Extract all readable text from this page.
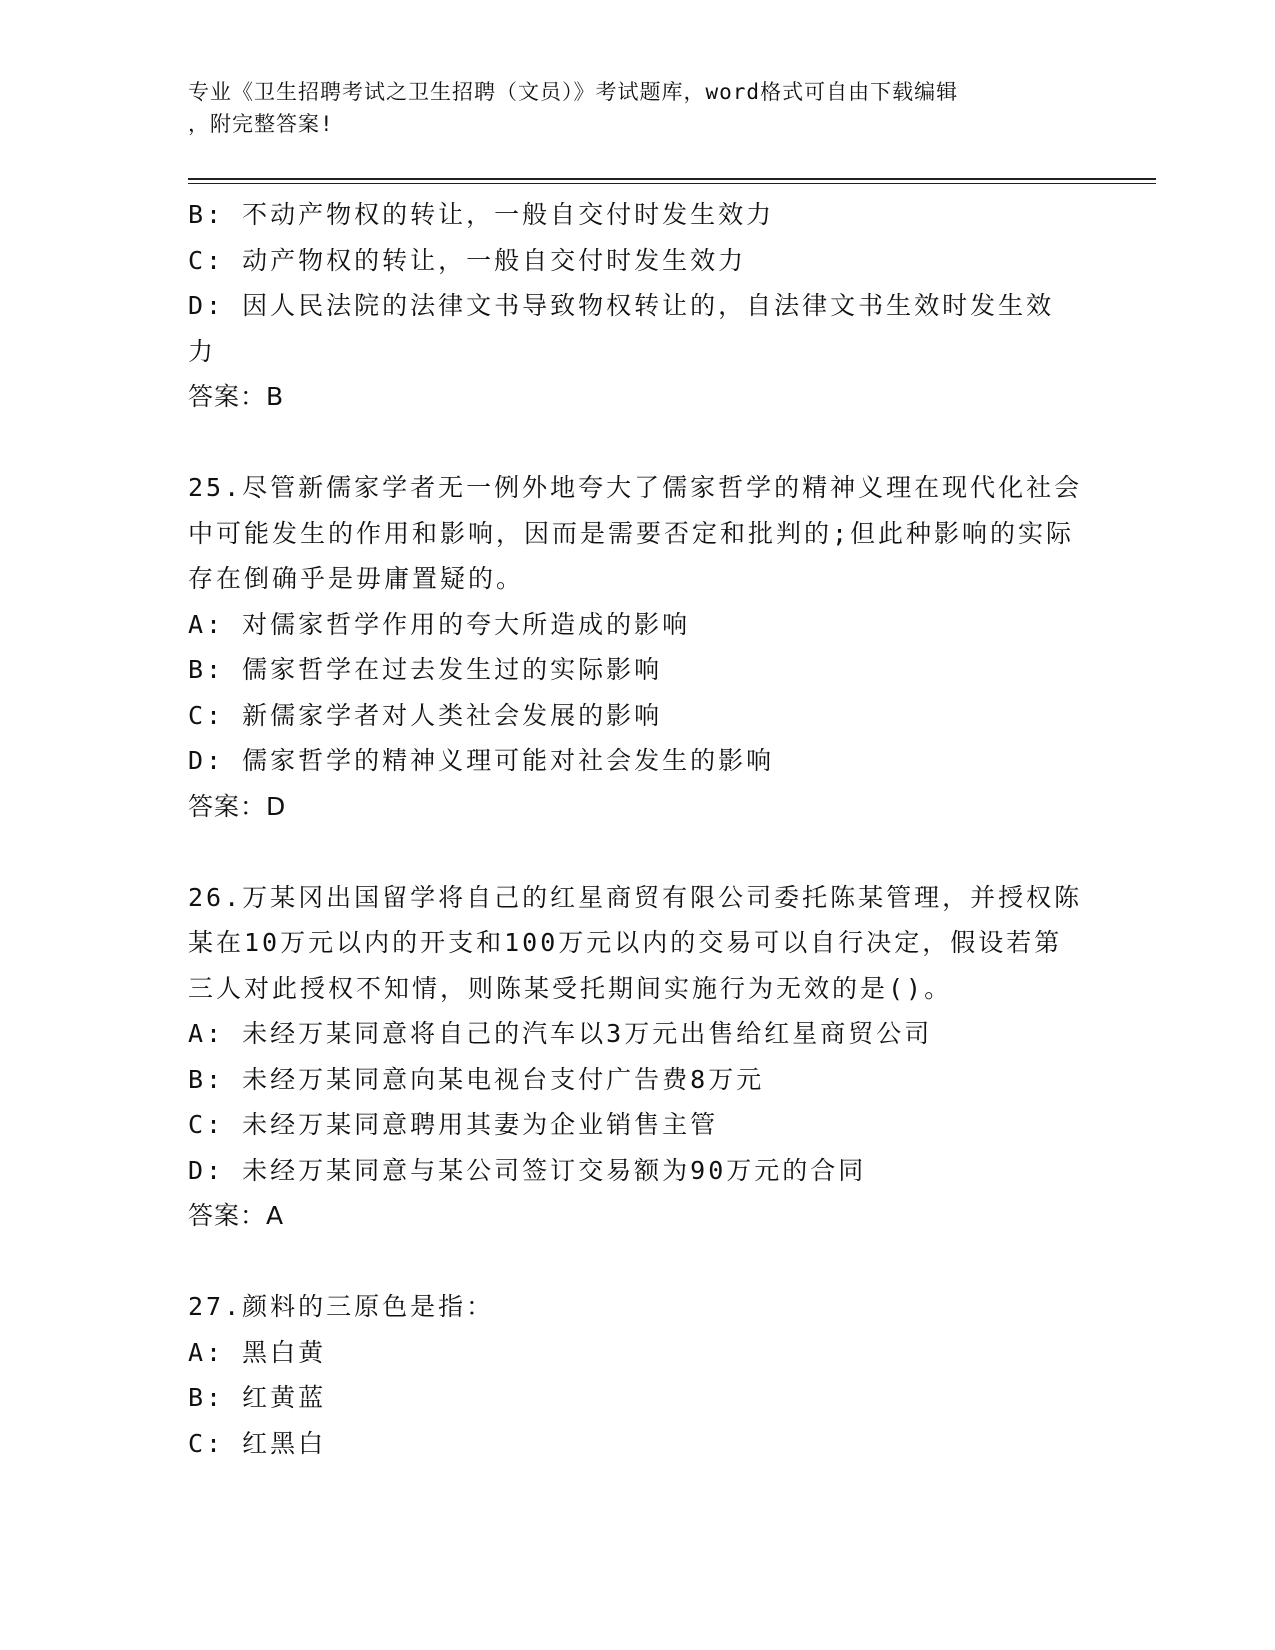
专业《卫生招聘考试之卫生招聘（文员）》考试题库，word格式可自由下载编辑
，附完整答案!
B: 不动产物权的转让，一般自交付时发生效力
C: 动产物权的转让，一般自交付时发生效力
D: 因人民法院的法律文书导致物权转让的，自法律文书生效时发生效力
答案：B
25.尽管新儒家学者无一例外地夸大了儒家哲学的精神义理在现代化社会中可能发生的作用和影响，因而是需要否定和批判的;但此种影响的实际存在倒确乎是毋庸置疑的。
A: 对儒家哲学作用的夸大所造成的影响
B: 儒家哲学在过去发生过的实际影响
C: 新儒家学者对人类社会发展的影响
D: 儒家哲学的精神义理可能对社会发生的影响
答案：D
26.万某冈出国留学将自己的红星商贸有限公司委托陈某管理，并授权陈某在10万元以内的开支和100万元以内的交易可以自行决定，假设若第三人对此授权不知情，则陈某受托期间实施行为无效的是()。
A: 未经万某同意将自己的汽车以3万元出售给红星商贸公司
B: 未经万某同意向某电视台支付广告费8万元
C: 未经万某同意聘用其妻为企业销售主管
D: 未经万某同意与某公司签订交易额为90万元的合同
答案：A
27.颜料的三原色是指：
A: 黑白黄
B: 红黄蓝
C: 红黑白
